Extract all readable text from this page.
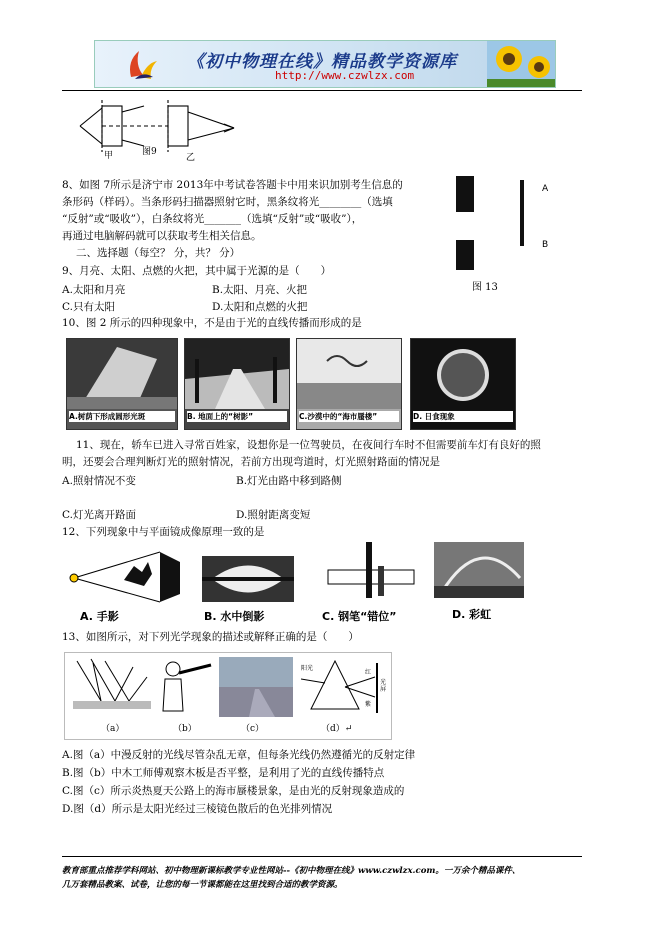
《初中物理在线》精品教学资源库
http://www.czwlzx.com
甲	图9
乙
8、如图 7所示是济宁市 2013年中考试卷答题卡中用来识加别考生信息的
条形码（样码）。当条形码扫描器照射它时，黑条纹将光________（选填
“反射”或“吸收”），白条纹将光_______（选填“反射”或“吸收”），
再通过电脑解码就可以获取考生相关信息。
A
B
图 13
二、选择题（每空？ 分，共？ 分）
9、月亮、太阳、点燃的火把，其中属于光源的是（　　）
A.太阳和月亮	B.太阳、月亮、火把
C.只有太阳	D.太阳和点燃的火把
10、图 2 所示的四种现象中，不是由于光的直线传播而形成的是
A.树荫下形成圆形光斑	B. 地面上的“树影”	C.沙漠中的“海市蜃楼”	D. 日食现象
11、现在，轿车已进入寻常百姓家，设想你是一位驾驶员，在夜间行车时不但需要前车灯有良好的照
明，还要会合理判断灯光的照射情况，若前方出现弯道时，灯光照射路面的情况是
A.照射情况不变	B.灯光由路中移到路侧
C.灯光离开路面	D.照射距离变短
12、下列现象中与平面镜成像原理一致的是
A. 手影	B. 水中倒影	C. 钢笔“错位”	D. 彩虹
13、如图所示，对下列光学现象的描述或解释正确的是（　　）
（a）	（b）	（c）
阳光
红
紫
光屏
（d）↵
A.图（a）中漫反射的光线尽管杂乱无章，但每条光线仍然遵循光的反射定律
B.图（b）中木工师傅观察木板是否平整，是利用了光的直线传播特点
C.图（c）所示炎热夏天公路上的海市蜃楼景象，是由光的反射现象造成的
D.图（d）所示是太阳光经过三棱镜色散后的色光排列情况
教育部重点推荐学科网站、初中物理新课标教学专业性网站--《初中物理在线》www.czwlzx.com。一万余个精品课件、
几万套精品教案、试卷，让您的每一节课都能在这里找到合适的教学资源。
